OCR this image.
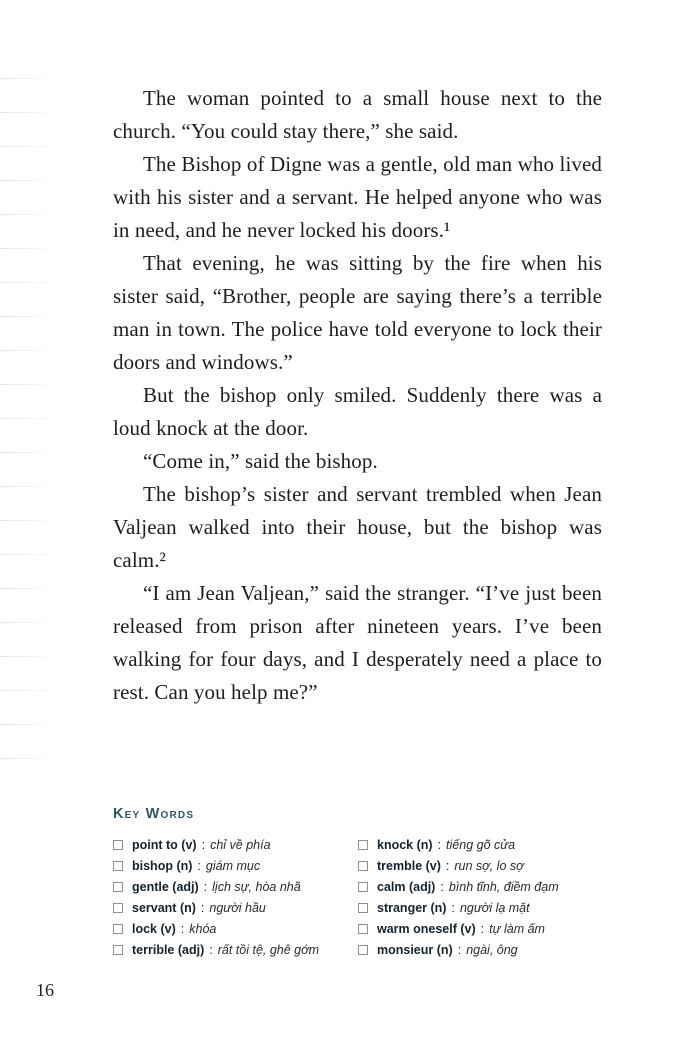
The woman pointed to a small house next to the church. “You could stay there,” she said.

The Bishop of Digne was a gentle, old man who lived with his sister and a servant. He helped anyone who was in need, and he never locked his doors.¹

That evening, he was sitting by the fire when his sister said, “Brother, people are saying there’s a terrible man in town. The police have told everyone to lock their doors and windows.”

But the bishop only smiled. Suddenly there was a loud knock at the door.

“Come in,” said the bishop.

The bishop’s sister and servant trembled when Jean Valjean walked into their house, but the bishop was calm.²

“I am Jean Valjean,” said the stranger. “I’ve just been released from prison after nineteen years. I’ve been walking for four days, and I desperately need a place to rest. Can you help me?”

Key Words
point to (v) : chỉ về phía
bishop (n) : giám mục
gentle (adj) : lịch sự, hòa nhã
servant (n) : người hầu
lock (v) : khóa
terrible (adj) : rất tồi tệ, ghê gớm
knock (n) : tiếng gõ cửa
tremble (v) : run sợ, lo sợ
calm (adj) : bình tĩnh, điềm đạm
stranger (n) : người lạ mặt
warm oneself (v) : tự làm ấm
monsieur (n) : ngài, ông
16
